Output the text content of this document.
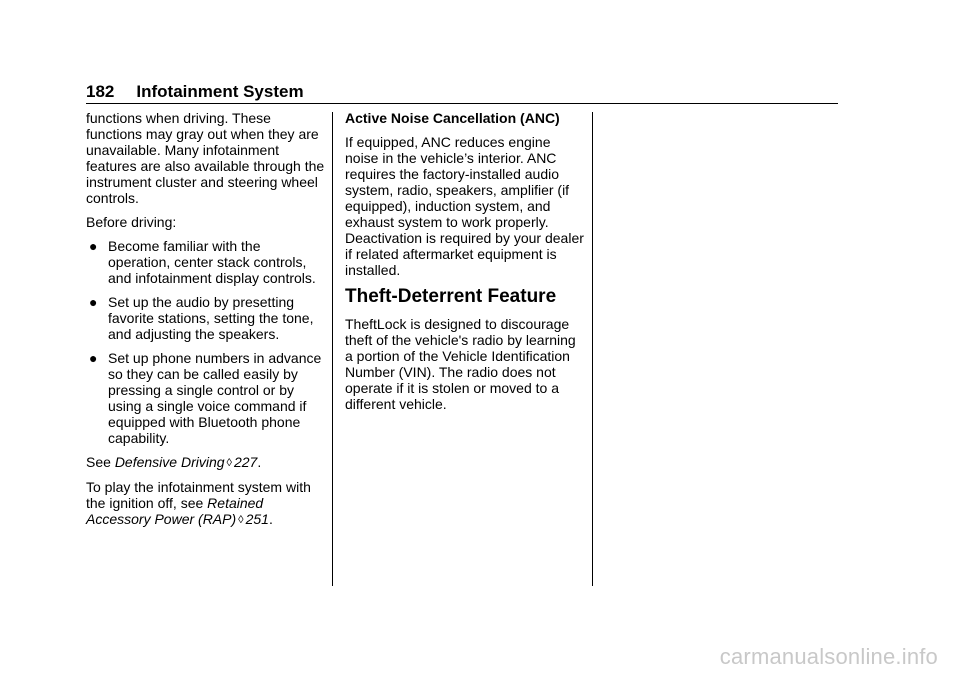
182 Infotainment System

functions when driving. These functions may gray out when they are unavailable. Many infotainment features are also available through the instrument cluster and steering wheel controls.

Before driving:

● Become familiar with the operation, center stack controls, and infotainment display controls.
● Set up the audio by presetting favorite stations, setting the tone, and adjusting the speakers.
● Set up phone numbers in advance so they can be called easily by pressing a single control or by using a single voice command if equipped with Bluetooth phone capability.

See Defensive Driving ◊ 227.

To play the infotainment system with the ignition off, see Retained Accessory Power (RAP) ◊ 251.

Active Noise Cancellation (ANC)

If equipped, ANC reduces engine noise in the vehicle’s interior. ANC requires the factory-installed audio system, radio, speakers, amplifier (if equipped), induction system, and exhaust system to work properly. Deactivation is required by your dealer if related aftermarket equipment is installed.

Theft-Deterrent Feature

TheftLock is designed to discourage theft of the vehicle's radio by learning a portion of the Vehicle Identification Number (VIN). The radio does not operate if it is stolen or moved to a different vehicle.

carmanualsonline.info
